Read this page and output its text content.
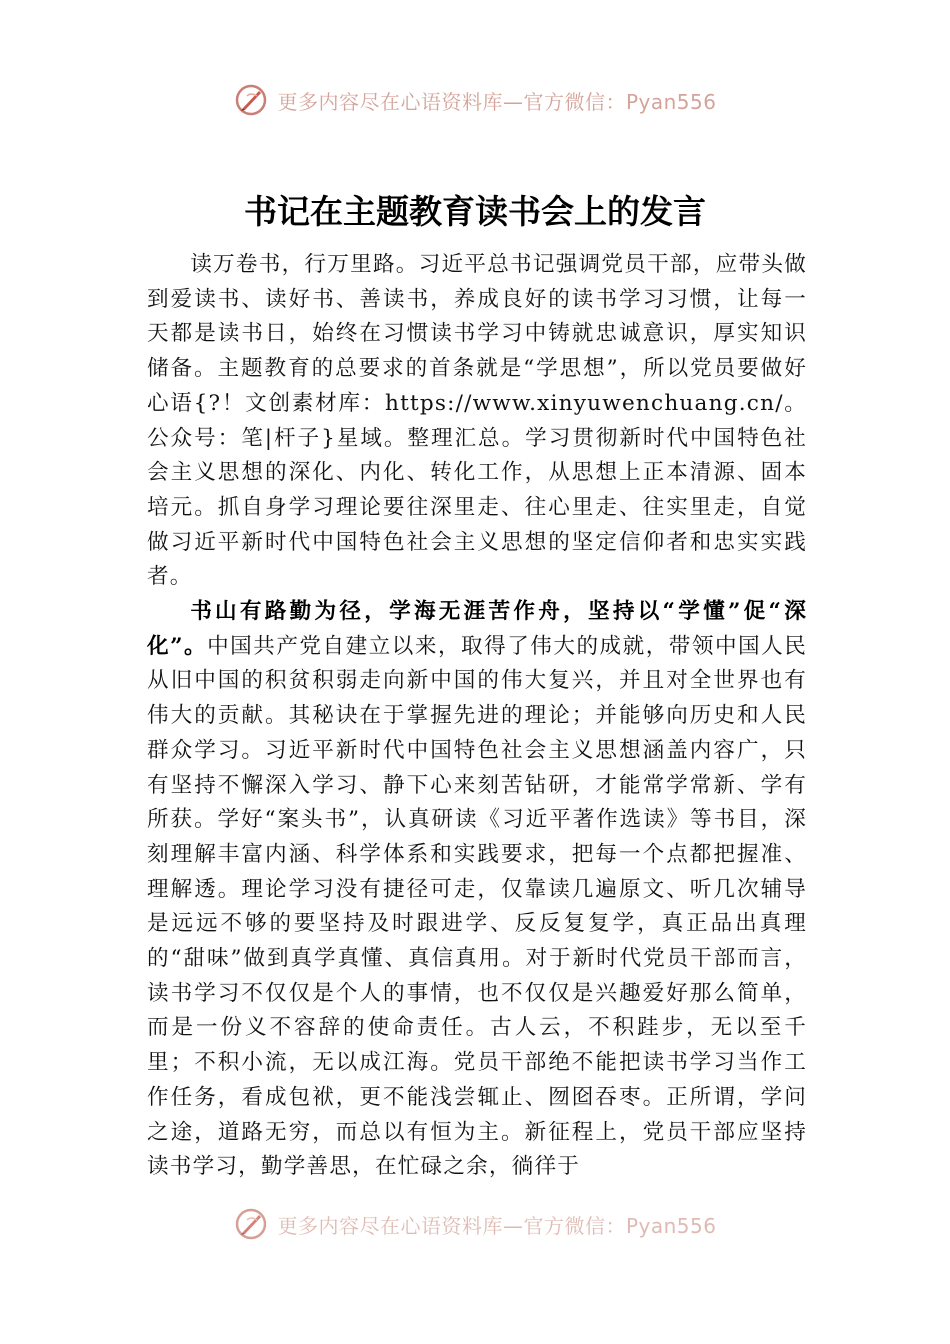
更多内容尽在心语资料库—官方微信：Pyan556
书记在主题教育读书会上的发言

读万卷书，行万里路。习近平总书记强调党员干部，应带头做到爱读书、读好书、善读书，养成良好的读书学习习惯，让每一天都是读书日，始终在习惯读书学习中铸就忠诚意识，厚实知识储备。主题教育的总要求的首条就是“学思想”，所以党员要做好心语{?！文创素材库：https://www.xinyuwenchuang.cn/。公众号：笔|杆子}星域。整理汇总。学习贯彻新时代中国特色社会主义思想的深化、内化、转化工作，从思想上正本清源、固本培元。抓自身学习理论要往深里走、往心里走、往实里走，自觉做习近平新时代中国特色社会主义思想的坚定信仰者和忠实实践者。

书山有路勤为径，学海无涯苦作舟，坚持以“学懂”促“深化”。中国共产党自建立以来，取得了伟大的成就，带领中国人民从旧中国的积贫积弱走向新中国的伟大复兴，并且对全世界也有伟大的贡献。其秘诀在于掌握先进的理论；并能够向历史和人民群众学习。习近平新时代中国特色社会主义思想涵盖内容广，只有坚持不懈深入学习、静下心来刻苦钻研，才能常学常新、学有所获。学好“案头书”，认真研读《习近平著作选读》等书目，深刻理解丰富内涵、科学体系和实践要求，把每一个点都把握准、理解透。理论学习没有捷径可走，仅靠读几遍原文、听几次辅导是远远不够的要坚持及时跟进学、反反复复学，真正品出真理的“甜味”做到真学真懂、真信真用。对于新时代党员干部而言，读书学习不仅仅是个人的事情，也不仅仅是兴趣爱好那么简单，而是一份义不容辞的使命责任。古人云，不积跬步，无以至千里；不积小流，无以成江海。党员干部绝不能把读书学习当作工作任务，看成包袱，更不能浅尝辄止、囫囵吞枣。正所谓，学问之途，道路无穷，而总以有恒为主。新征程上，党员干部应坚持读书学习，勤学善思，在忙碌之余，徜徉于

更多内容尽在心语资料库—官方微信：Pyan556
